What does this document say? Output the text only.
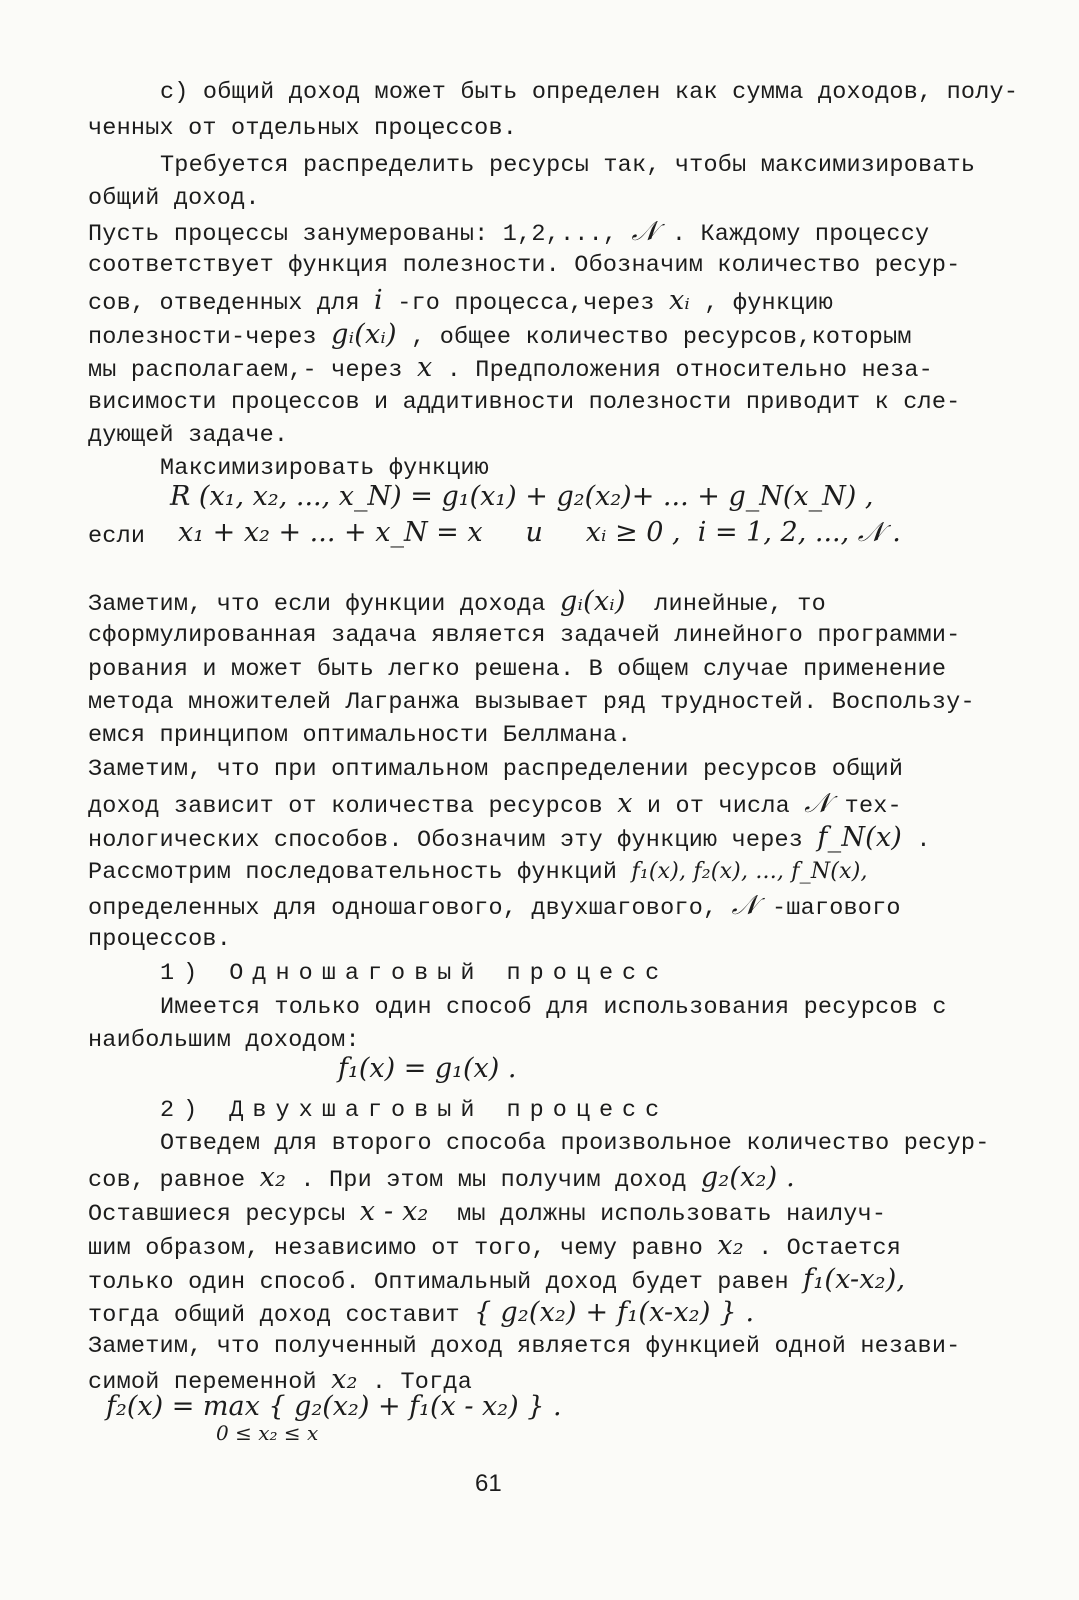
с) общий доход может быть определен как сумма доходов, полу-
ченных от отдельных процессов.
Требуется распределить ресурсы так, чтобы максимизировать
общий доход.
Пусть процессы занумерованы: 1,2,..., 𝒩 . Каждому процессу
соответствует функция полезности. Обозначим количество ресур-
сов, отведенных для i -го процесса,через xᵢ , функцию
полезности-через gᵢ(xᵢ) , общее количество ресурсов,которым
мы располагаем,- через x . Предположения относительно неза-
висимости процессов и аддитивности полезности приводит к сле-
дующей задаче.
Максимизировать функцию
R (x₁, x₂, ..., x_N) = g₁(x₁) + g₂(x₂)+ ... + g_N(x_N) ,
если x₁ + x₂ + ... + x_N = x     и     xᵢ ≥ 0 ,  i = 1, 2, ..., 𝒩 .
Заметим, что если функции дохода gᵢ(xᵢ)  линейные, то
сформулированная задача является задачей линейного программи-
рования и может быть легко решена. В общем случае применение
метода множителей Лагранжа вызывает ряд трудностей. Воспользу-
емся принципом оптимальности Беллмана.
Заметим, что при оптимальном распределении ресурсов общий
доход зависит от количества ресурсов x и от числа 𝒩 тех-
нологических способов. Обозначим эту функцию через f_N(x) .
Рассмотрим последовательность функций f₁(x), f₂(x), ..., f_N(x),
определенных для одношагового, двухшагового, 𝒩 -шагового
процессов.
1) Одношаговый процесс
Имеется только один способ для использования ресурсов с
наибольшим доходом:
f₁(x) = g₁(x) .
2) Двухшаговый процесс
Отведем для второго способа произвольное количество ресур-
сов, равное x₂ . При этом мы получим доход g₂(x₂) .
Оставшиеся ресурсы x - x₂  мы должны использовать наилуч-
шим образом, независимо от того, чему равно x₂ . Остается
только один способ. Оптимальный доход будет равен f₁(x-x₂),
тогда общий доход составит { g₂(x₂) + f₁(x-x₂) } .
Заметим, что полученный доход является функцией одной незави-
симой переменной x₂ . Тогда
f₂(x) = max { g₂(x₂) + f₁(x - x₂) } .
0 ≤ x₂ ≤ x
61
